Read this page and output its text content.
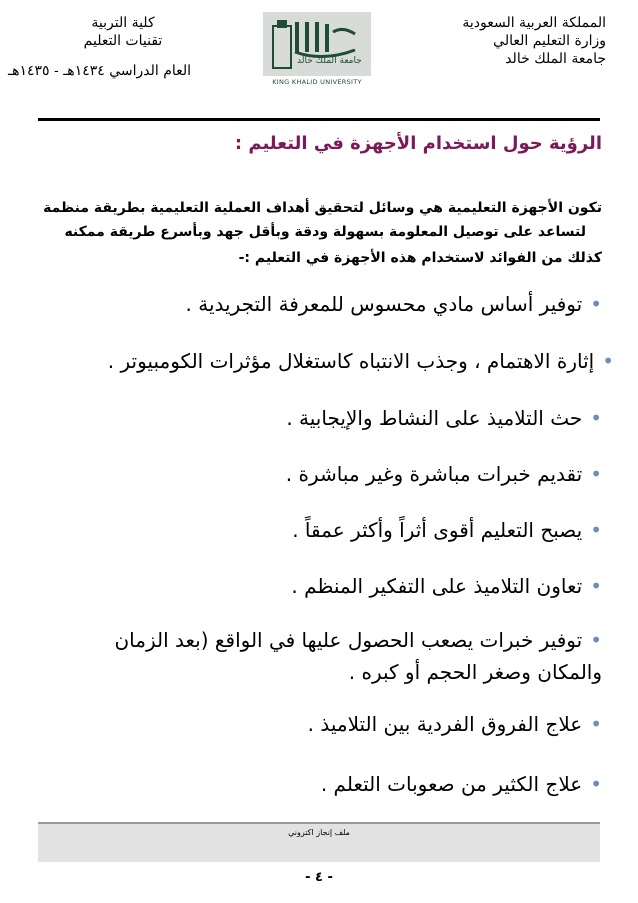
المملكة العربية السعودية
وزارة التعليم العالي
جامعة الملك خالد
جامعة الملك خالد
KING KHALID UNIVERSITY
كلية التربية
تقنيات التعليم
العام الدراسي ١٤٣٤هـ - ١٤٣٥هـ
الرؤية حول استخدام الأجهزة في التعليم :
تكون الأجهزة التعليمية هي وسائل لتحقيق أهداف العملية التعليمية بطريقة منظمة
لتساعد على توصيل المعلومة بسهولة ودقة وبأقل جهد وبأسرع طريقة ممكنه
كذلك من الفوائد لاستخدام هذه الأجهزة في التعليم :-
•توفير أساس مادي محسوس للمعرفة التجريدية .
•إثارة الاهتمام ، وجذب الانتباه كاستغلال مؤثرات الكومبيوتر .
•حث التلاميذ على النشاط والإيجابية .
•تقديم خبرات مباشرة وغير مباشرة .
•يصبح التعليم أقوى أثراً وأكثر عمقاً .
•تعاون التلاميذ على التفكير المنظم .
•توفير خبرات يصعب الحصول عليها في الواقع (بعد الزمان
والمكان وصغر الحجم أو كبره .
•علاج الفروق الفردية بين التلاميذ .
•علاج الكثير من صعوبات التعلم .
ملف إنجاز اكتروني
- ٤ -
